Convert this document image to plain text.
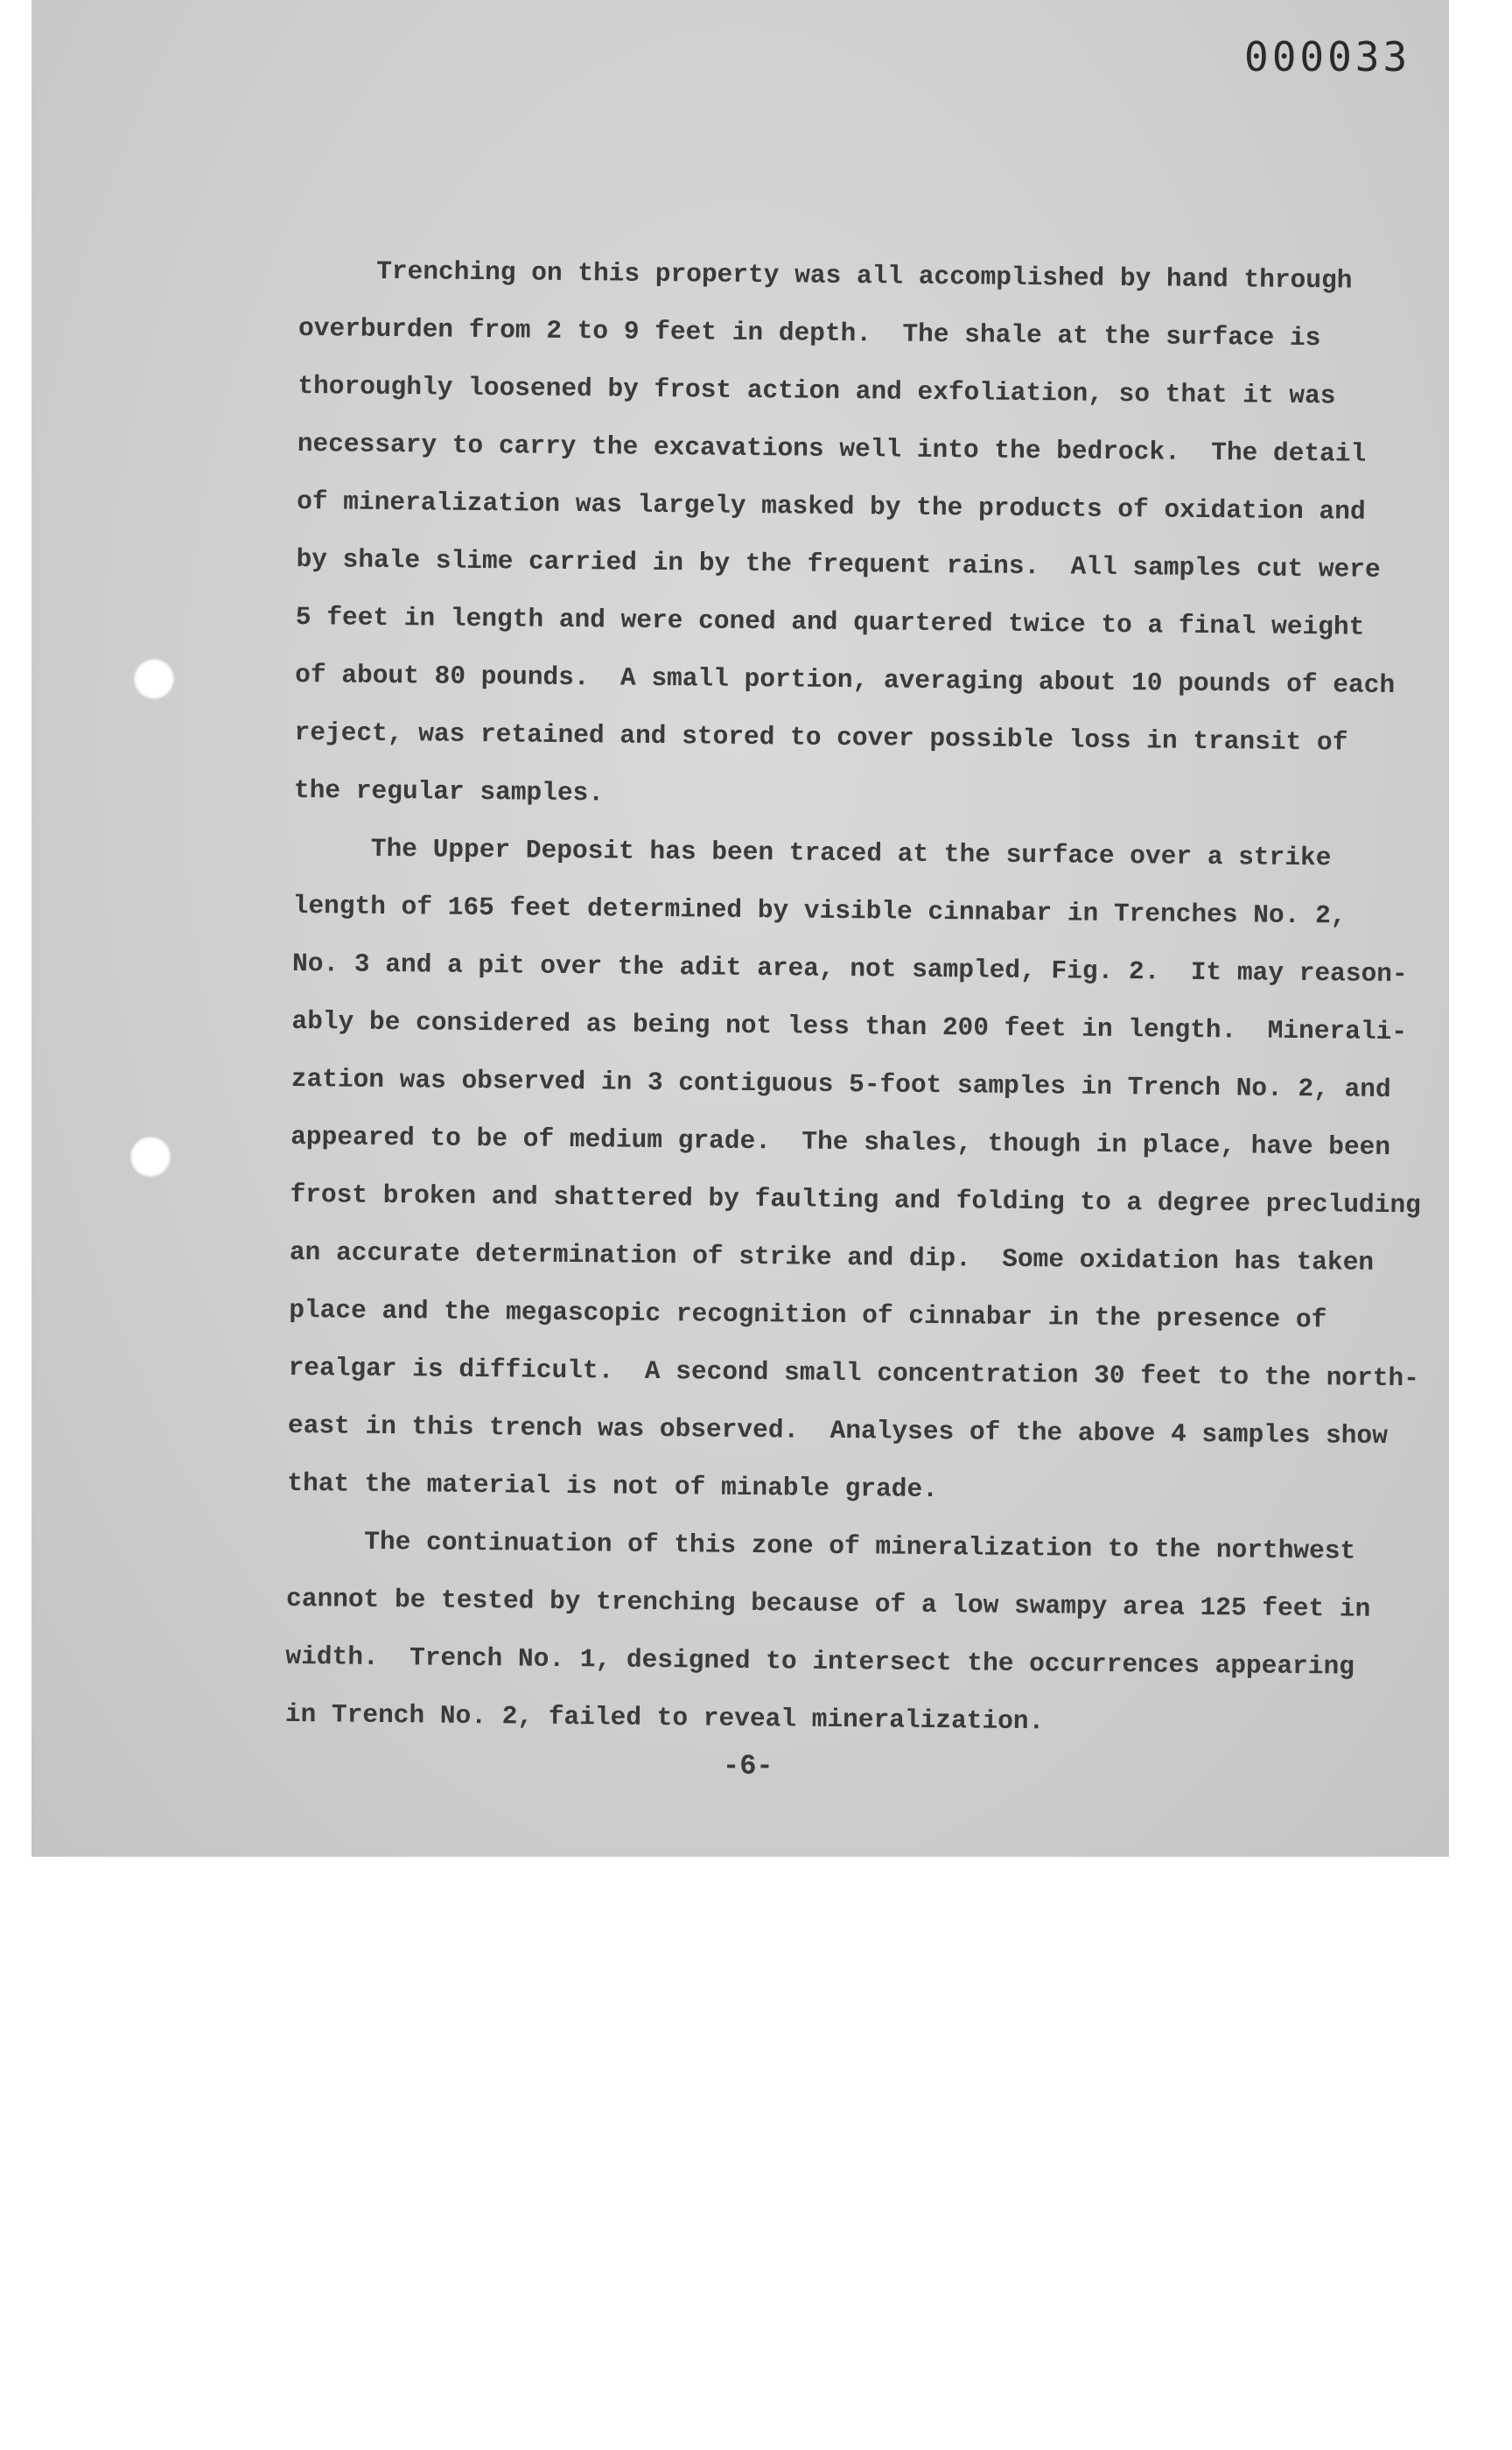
000033
Trenching on this property was all accomplished by hand through
overburden from 2 to 9 feet in depth.  The shale at the surface is
thoroughly loosened by frost action and exfoliation, so that it was
necessary to carry the excavations well into the bedrock.  The detail
of mineralization was largely masked by the products of oxidation and
by shale slime carried in by the frequent rains.  All samples cut were
5 feet in length and were coned and quartered twice to a final weight
of about 80 pounds.  A small portion, averaging about 10 pounds of each
reject, was retained and stored to cover possible loss in transit of
the regular samples.
The Upper Deposit has been traced at the surface over a strike
length of 165 feet determined by visible cinnabar in Trenches No. 2,
No. 3 and a pit over the adit area, not sampled, Fig. 2.  It may reason-
ably be considered as being not less than 200 feet in length.  Minerali-
zation was observed in 3 contiguous 5-foot samples in Trench No. 2, and
appeared to be of medium grade.  The shales, though in place, have been
frost broken and shattered by faulting and folding to a degree precluding
an accurate determination of strike and dip.  Some oxidation has taken
place and the megascopic recognition of cinnabar in the presence of
realgar is difficult.  A second small concentration 30 feet to the north-
east in this trench was observed.  Analyses of the above 4 samples show
that the material is not of minable grade.
The continuation of this zone of mineralization to the northwest
cannot be tested by trenching because of a low swampy area 125 feet in
width.  Trench No. 1, designed to intersect the occurrences appearing
in Trench No. 2, failed to reveal mineralization.
-6-
